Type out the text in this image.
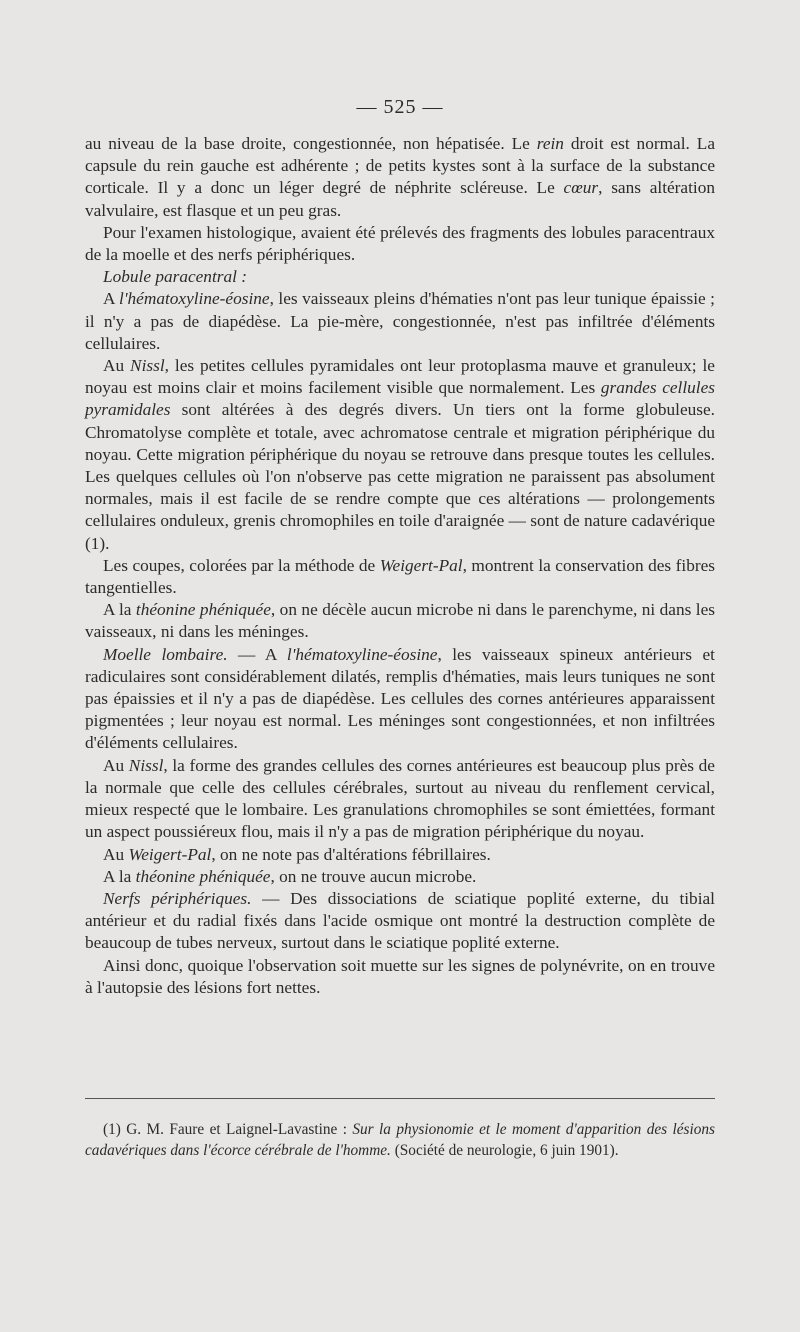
— 525 —

au niveau de la base droite, congestionnée, non hépatisée. Le rein droit est normal. La capsule du rein gauche est adhérente ; de petits kystes sont à la surface de la substance corticale. Il y a donc un léger degré de néphrite scléreuse. Le cœur, sans altération valvulaire, est flasque et un peu gras.

Pour l'examen histologique, avaient été prélevés des fragments des lobules paracentraux de la moelle et des nerfs périphériques.

Lobule paracentral :

A l'hématoxyline-éosine, les vaisseaux pleins d'hématies n'ont pas leur tunique épaissie ; il n'y a pas de diapédèse. La pie-mère, congestionnée, n'est pas infiltrée d'éléments cellulaires.

Au Nissl, les petites cellules pyramidales ont leur protoplasma mauve et granuleux; le noyau est moins clair et moins facilement visible que normalement. Les grandes cellules pyramidales sont altérées à des degrés divers. Un tiers ont la forme globuleuse. Chromatolyse complète et totale, avec achromatose centrale et migration périphérique du noyau. Cette migration périphérique du noyau se retrouve dans presque toutes les cellules. Les quelques cellules où l'on n'observe pas cette migration ne paraissent pas absolument normales, mais il est facile de se rendre compte que ces altérations — prolongements cellulaires onduleux, grenis chromophiles en toile d'araignée — sont de nature cadavérique (1).

Les coupes, colorées par la méthode de Weigert-Pal, montrent la conservation des fibres tangentielles.

A la théonine phéniquée, on ne décèle aucun microbe ni dans le parenchyme, ni dans les vaisseaux, ni dans les méninges.

Moelle lombaire. — A l'hématoxyline-éosine, les vaisseaux spineux antérieurs et radiculaires sont considérablement dilatés, remplis d'hématies, mais leurs tuniques ne sont pas épaissies et il n'y a pas de diapédèse. Les cellules des cornes antérieures apparaissent pigmentées ; leur noyau est normal. Les méninges sont congestionnées, et non infiltrées d'éléments cellulaires.

Au Nissl, la forme des grandes cellules des cornes antérieures est beaucoup plus près de la normale que celle des cellules cérébrales, surtout au niveau du renflement cervical, mieux respecté que le lombaire. Les granulations chromophiles se sont émiettées, formant un aspect poussiéreux flou, mais il n'y a pas de migration périphérique du noyau.

Au Weigert-Pal, on ne note pas d'altérations fébrillaires.

A la théonine phéniquée, on ne trouve aucun microbe.

Nerfs périphériques. — Des dissociations de sciatique poplité externe, du tibial antérieur et du radial fixés dans l'acide osmique ont montré la destruction complète de beaucoup de tubes nerveux, surtout dans le sciatique poplité externe.

Ainsi donc, quoique l'observation soit muette sur les signes de polynévrite, on en trouve à l'autopsie des lésions fort nettes.

(1) G. M. Faure et Laignel-Lavastine : Sur la physionomie et le moment d'apparition des lésions cadavériques dans l'écorce cérébrale de l'homme. (Société de neurologie, 6 juin 1901).
